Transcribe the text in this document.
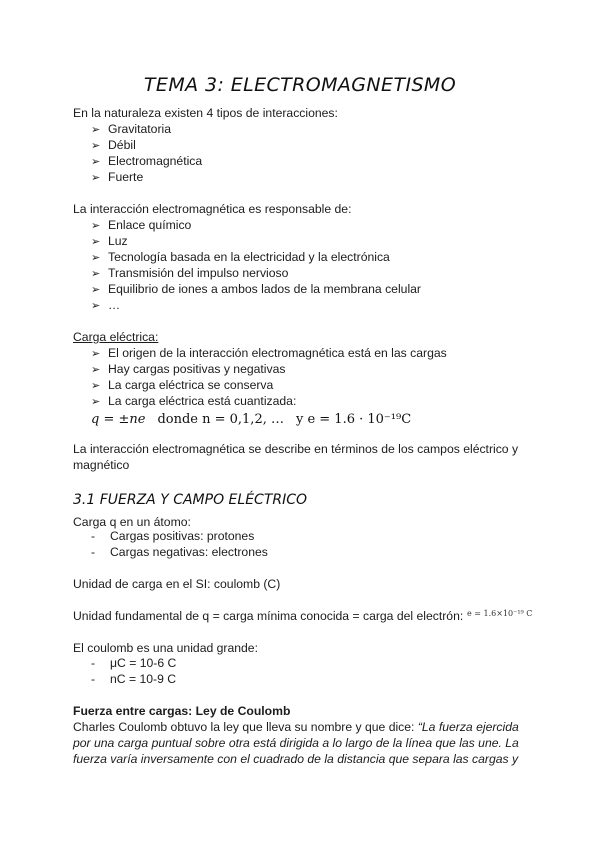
TEMA 3: ELECTROMAGNETISMO
En la naturaleza existen 4 tipos de interacciones:
➢ Gravitatoria
➢ Débil
➢ Electromagnética
➢ Fuerte
La interacción electromagnética es responsable de:
➢ Enlace químico
➢ Luz
➢ Tecnología basada en la electricidad y la electrónica
➢ Transmisión del impulso nervioso
➢ Equilibrio de iones a ambos lados de la membrana celular
➢ …
Carga eléctrica:
➢ El origen de la interacción electromagnética está en las cargas
➢ Hay cargas positivas y negativas
➢ La carga eléctrica se conserva
➢ La carga eléctrica está cuantizada:
q = ±ne donde n = 0,1,2, … y e = 1.6 · 10⁻¹⁹C
La interacción electromagnética se describe en términos de los campos eléctrico y
magnético
3.1 FUERZA Y CAMPO ELÉCTRICO
Carga q en un átomo:
- Cargas positivas: protones
- Cargas negativas: electrones
Unidad de carga en el SI: coulomb (C)
Unidad fundamental de q = carga mínima conocida = carga del electrón: e = 1.6×10⁻¹⁹ C
El coulomb es una unidad grande:
- μC = 10-6 C
- nC = 10-9 C
Fuerza entre cargas: Ley de Coulomb
Charles Coulomb obtuvo la ley que lleva su nombre y que dice: “La fuerza ejercida
por una carga puntual sobre otra está dirigida a lo largo de la línea que las une. La
fuerza varía inversamente con el cuadrado de la distancia que separa las cargas y
